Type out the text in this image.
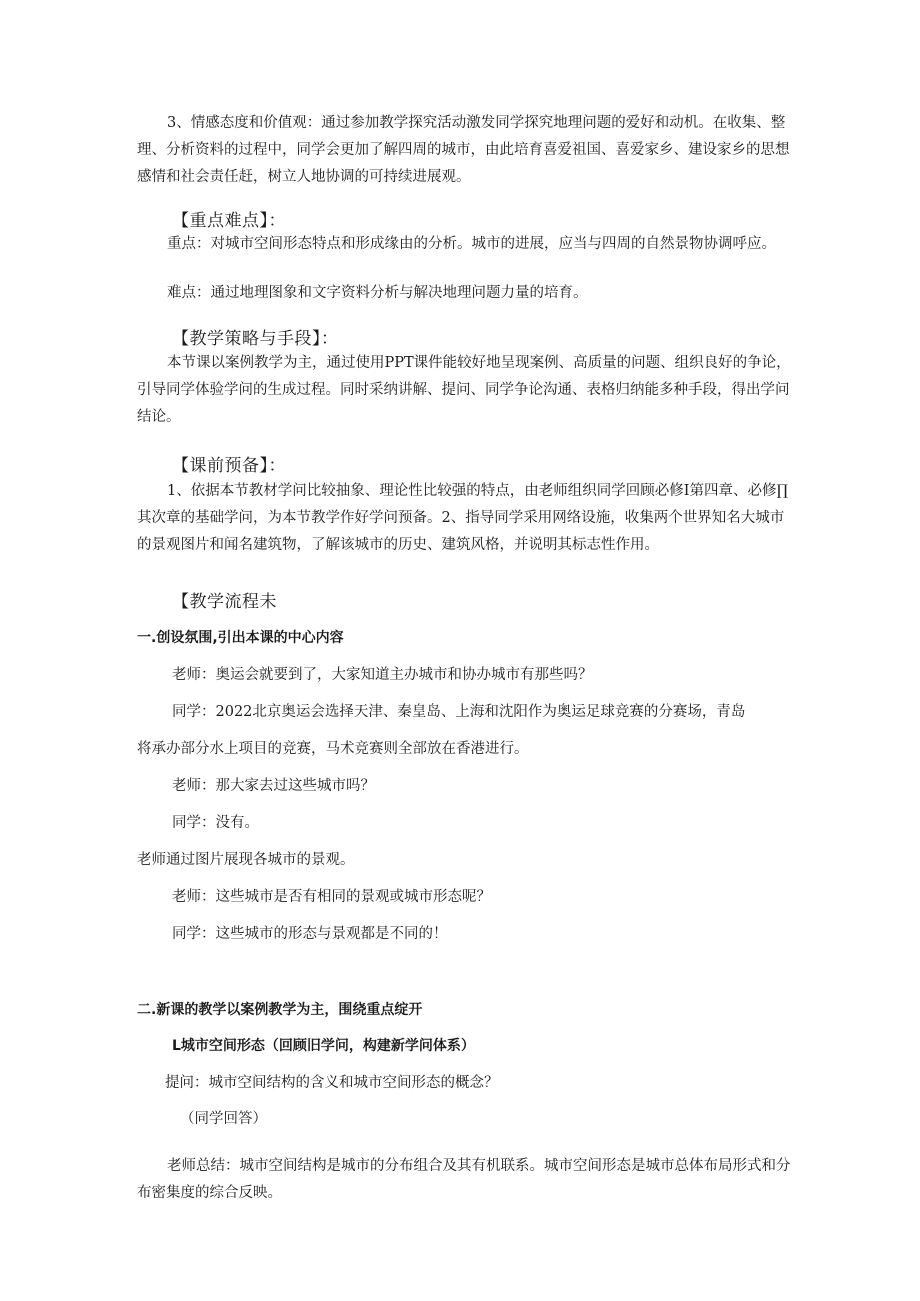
3、情感态度和价值观：通过参加教学探究活动激发同学探究地理问题的爱好和动机。在收集、整理、分析资料的过程中，同学会更加了解四周的城市，由此培育喜爱祖国、喜爱家乡、建设家乡的思想感情和社会责任赶，树立人地协调的可持续进展观。

【重点难点】：

重点：对城市空间形态特点和形成缘由的分析。城市的进展，应当与四周的自然景物协调呼应。

难点：通过地理图象和文字资料分析与解决地理问题力量的培育。

【教学策略与手段】：

本节课以案例教学为主，通过使用PPT课件能较好地呈现案例、高质量的问题、组织良好的争论，引导同学体验学问的生成过程。同时采纳讲解、提问、同学争论沟通、表格归纳能多种手段，得出学问结论。

【课前预备】：

1、依据本节教材学问比较抽象、理论性比较强的特点，由老师组织同学回顾必修I第四章、必修∏其次章的基础学问，为本节教学作好学问预备。2、指导同学采用网络设施，收集两个世界知名大城市的景观图片和闻名建筑物，了解该城市的历史、建筑风格，并说明其标志性作用。

【教学流程未

一.创设氛围,引出本课的中心内容

老师：奥运会就要到了，大家知道主办城市和协办城市有那些吗？

同学：2022北京奥运会选择天津、秦皇岛、上海和沈阳作为奥运足球竞赛的分赛场，青岛

将承办部分水上项目的竞赛，马术竞赛则全部放在香港进行。

老师：那大家去过这些城市吗？

同学：没有。

老师通过图片展现各城市的景观。

老师：这些城市是否有相同的景观或城市形态呢？

同学：这些城市的形态与景观都是不同的！

二.新课的教学以案例教学为主，围绕重点绽开

L城市空间形态（回顾旧学问，构建新学问体系）

提问：城市空间结构的含义和城市空间形态的概念？

（同学回答）

老师总结：城市空间结构是城市的分布组合及其有机联系。城市空间形态是城市总体布局形式和分布密集度的综合反映。
